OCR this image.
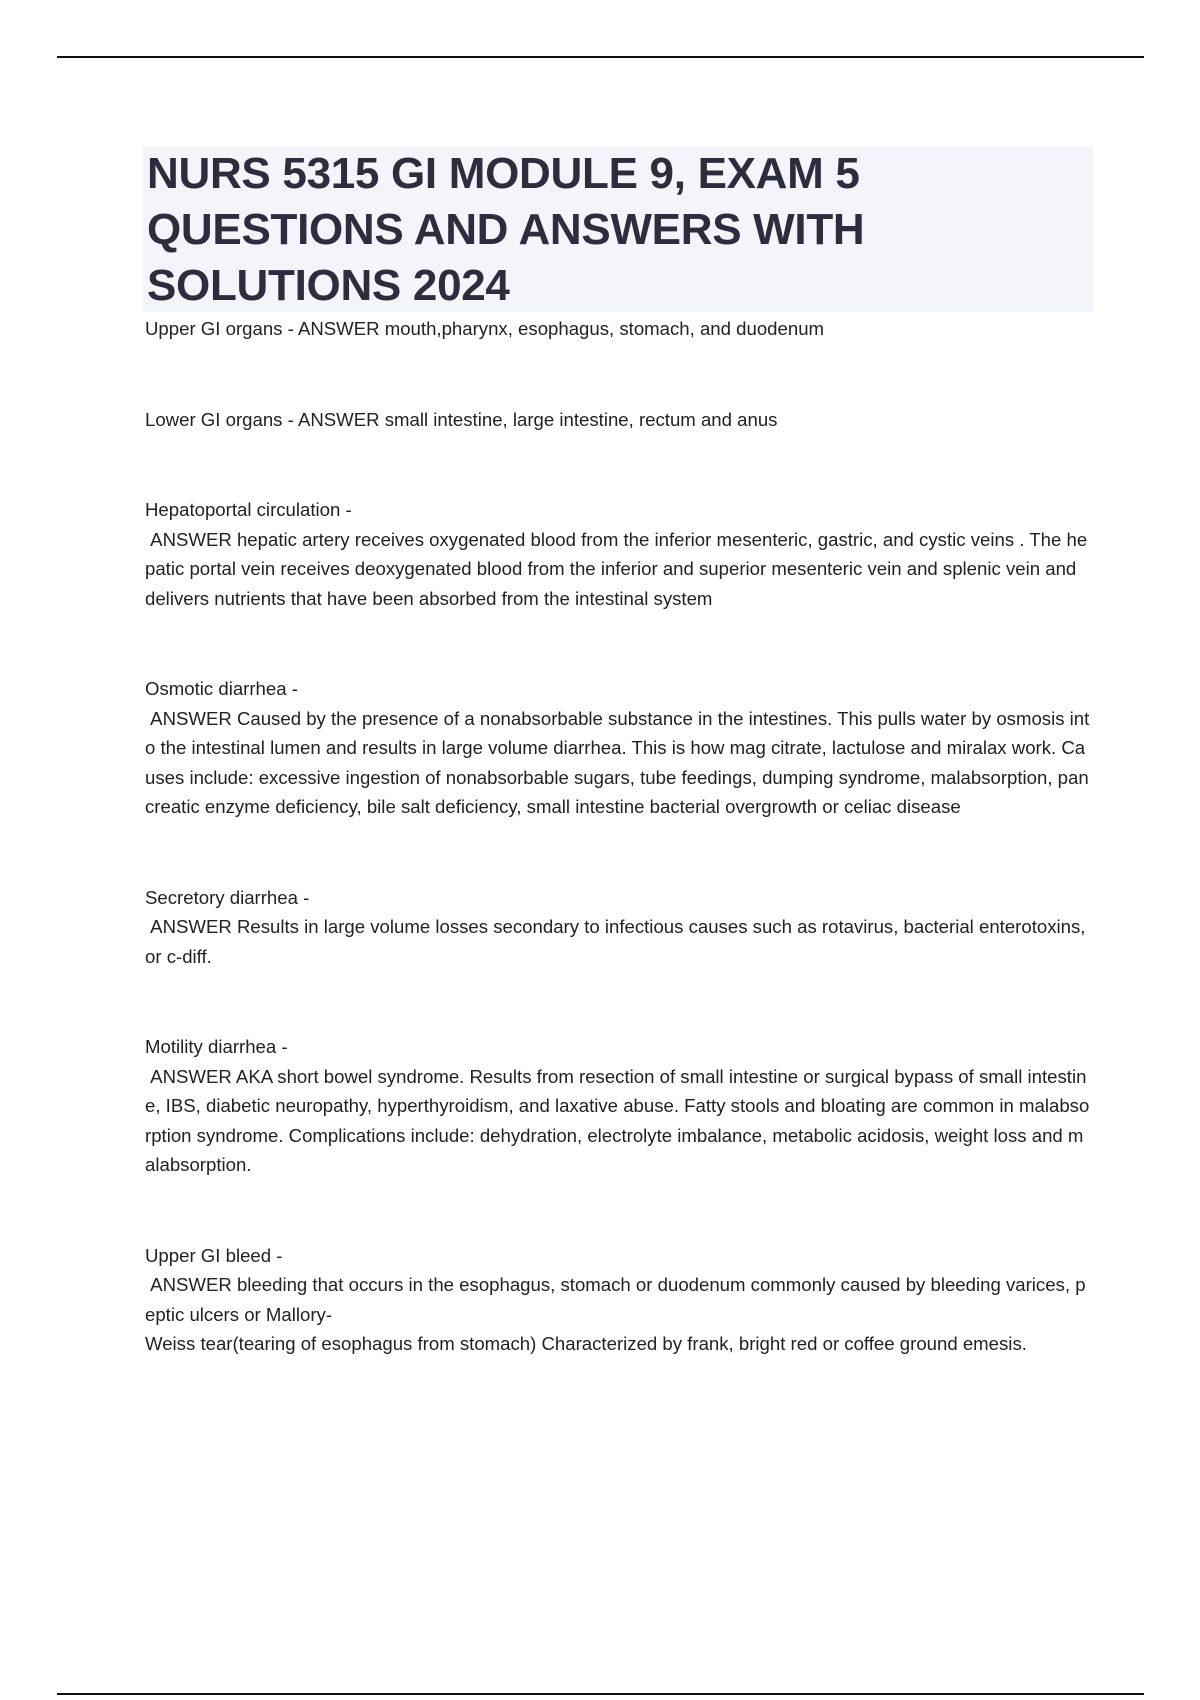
NURS 5315 GI MODULE 9, EXAM 5 QUESTIONS AND ANSWERS WITH SOLUTIONS 2024
Upper GI organs - ANSWER mouth,pharynx, esophagus, stomach, and duodenum
Lower GI organs - ANSWER small intestine, large intestine, rectum and anus
Hepatoportal circulation -
ANSWER hepatic artery receives oxygenated blood from the inferior mesenteric, gastric, and cystic veins . The hepatic portal vein receives deoxygenated blood from the inferior and superior mesenteric vein and splenic vein and delivers nutrients that have been absorbed from the intestinal system
Osmotic diarrhea -
ANSWER Caused by the presence of a nonabsorbable substance in the intestines. This pulls water by osmosis into the intestinal lumen and results in large volume diarrhea. This is how mag citrate, lactulose and miralax work. Causes include: excessive ingestion of nonabsorbable sugars, tube feedings, dumping syndrome, malabsorption, pancreatic enzyme deficiency, bile salt deficiency, small intestine bacterial overgrowth or celiac disease
Secretory diarrhea -
ANSWER Results in large volume losses secondary to infectious causes such as rotavirus, bacterial enterotoxins, or c-diff.
Motility diarrhea -
ANSWER AKA short bowel syndrome. Results from resection of small intestine or surgical bypass of small intestine, IBS, diabetic neuropathy, hyperthyroidism, and laxative abuse. Fatty stools and bloating are common in malabsorption syndrome. Complications include: dehydration, electrolyte imbalance, metabolic acidosis, weight loss and malabsorption.
Upper GI bleed -
ANSWER bleeding that occurs in the esophagus, stomach or duodenum commonly caused by bleeding varices, peptic ulcers or Mallory-
Weiss tear(tearing of esophagus from stomach) Characterized by frank, bright red or coffee ground emesis.
